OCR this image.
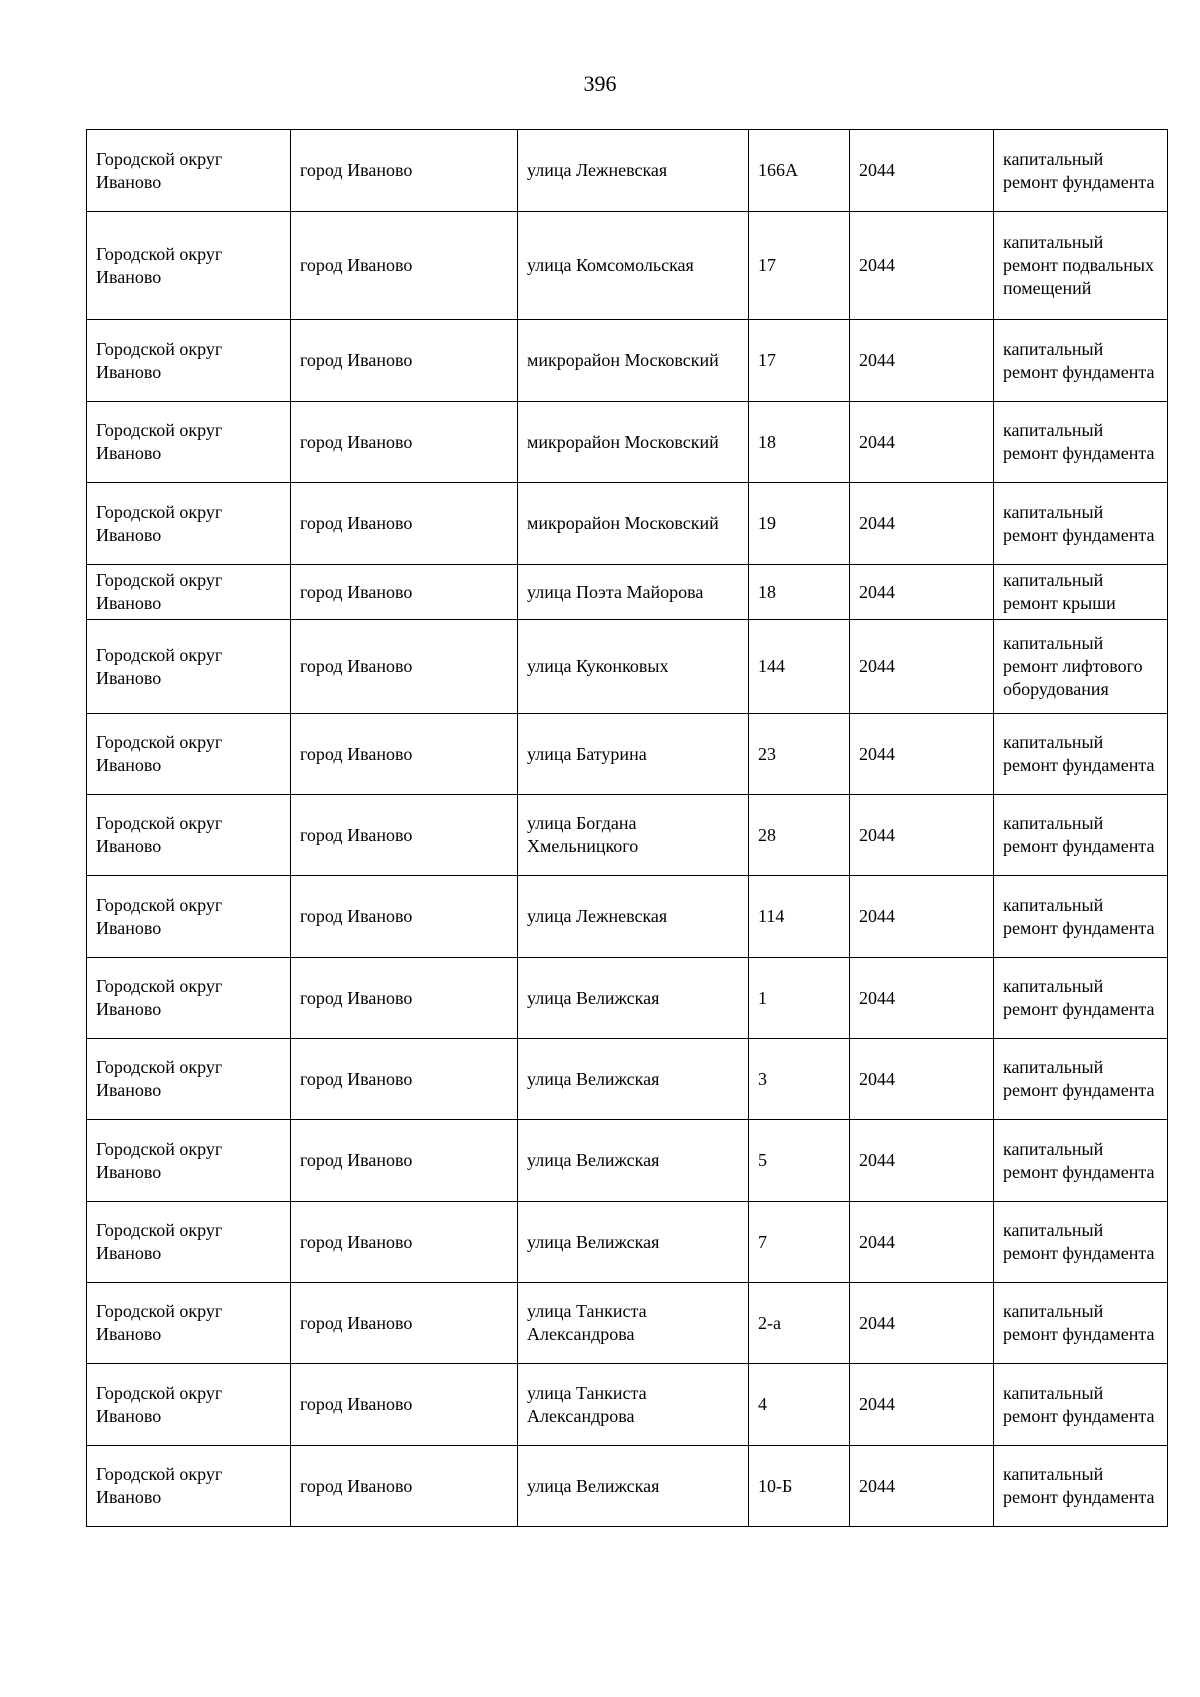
396
Городской округ Иваново	город Иваново	улица Лежневская	166А	2044	капитальный ремонт фундамента
Городской округ Иваново	город Иваново	улица Комсомольская	17	2044	капитальный ремонт подвальных помещений
Городской округ Иваново	город Иваново	микрорайон Московский	17	2044	капитальный ремонт фундамента
Городской округ Иваново	город Иваново	микрорайон Московский	18	2044	капитальный ремонт фундамента
Городской округ Иваново	город Иваново	микрорайон Московский	19	2044	капитальный ремонт фундамента
Городской округ Иваново	город Иваново	улица Поэта Майорова	18	2044	капитальный ремонт крыши
Городской округ Иваново	город Иваново	улица Куконковых	144	2044	капитальный ремонт лифтового оборудования
Городской округ Иваново	город Иваново	улица Батурина	23	2044	капитальный ремонт фундамента
Городской округ Иваново	город Иваново	улица Богдана Хмельницкого	28	2044	капитальный ремонт фундамента
Городской округ Иваново	город Иваново	улица Лежневская	114	2044	капитальный ремонт фундамента
Городской округ Иваново	город Иваново	улица Велижская	1	2044	капитальный ремонт фундамента
Городской округ Иваново	город Иваново	улица Велижская	3	2044	капитальный ремонт фундамента
Городской округ Иваново	город Иваново	улица Велижская	5	2044	капитальный ремонт фундамента
Городской округ Иваново	город Иваново	улица Велижская	7	2044	капитальный ремонт фундамента
Городской округ Иваново	город Иваново	улица Танкиста Александрова	2-а	2044	капитальный ремонт фундамента
Городской округ Иваново	город Иваново	улица Танкиста Александрова	4	2044	капитальный ремонт фундамента
Городской округ Иваново	город Иваново	улица Велижская	10-Б	2044	капитальный ремонт фундамента
